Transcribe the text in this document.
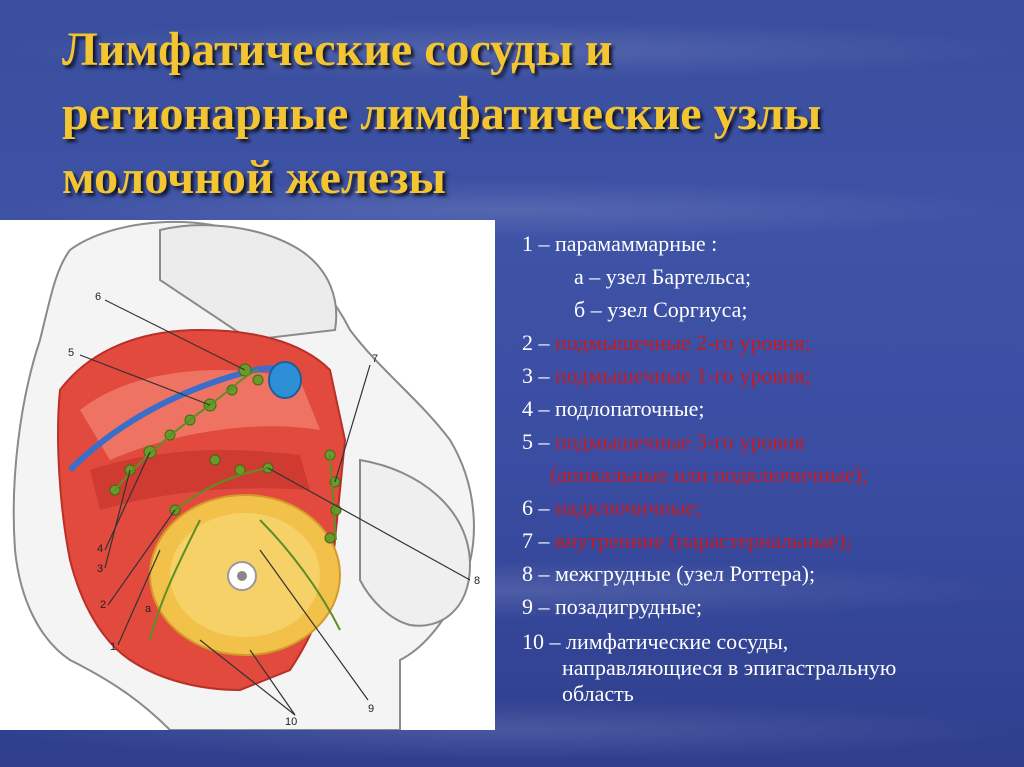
Лимфатические сосуды и
регионарные лимфатические узлы
молочной железы
6
5	7
4
3
2
1
а
8
9
10
1 – парамаммарные :
а – узел Бартельса;
б – узел Соргиуса;
2 – подмышечные 2-го уровня;
3 – подмышечные 1-го уровня;
4 – подлопаточные;
5 – подмышечные 3-го уровня
(апикальные или подключичные);
6 – надключичные;
7 – внутренние (парастернальные);
8 – межгрудные (узел Роттера);
9 – позадигрудные;
10 – лимфатические сосуды,
направляющиеся в эпигастральную
область
